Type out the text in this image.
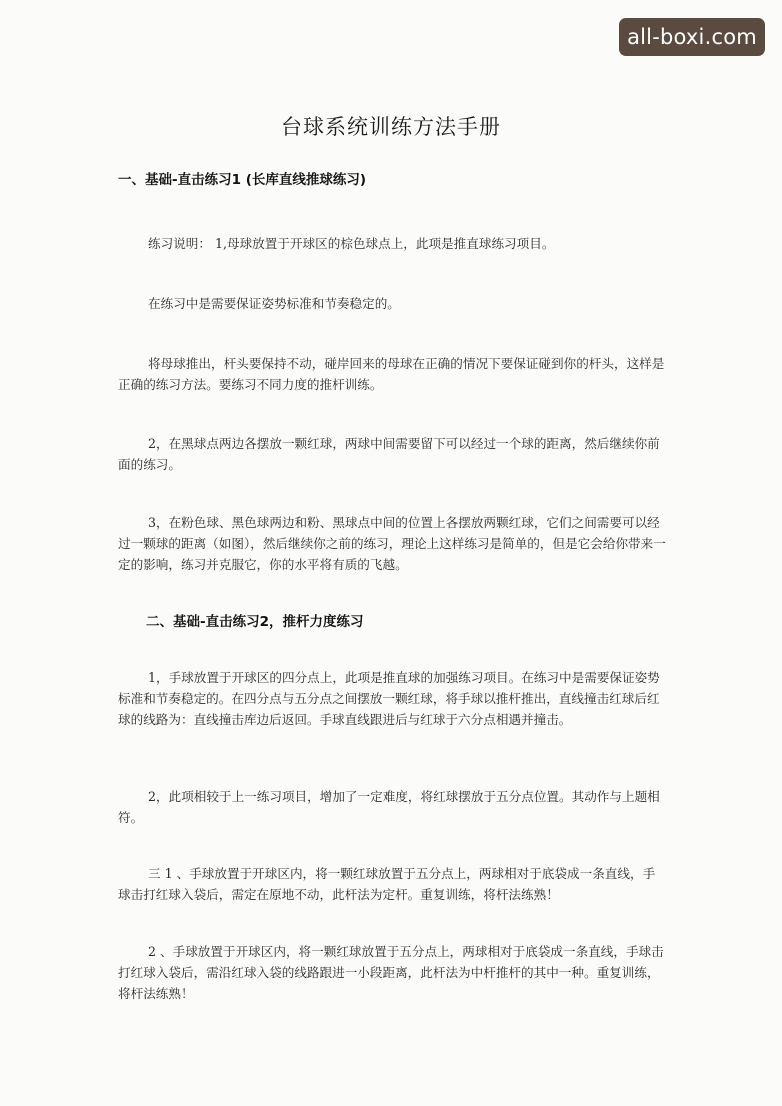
all-boxi.com
台球系统训练方法手册
一、基础-直击练习1 (长库直线推球练习)

练习说明： 1,母球放置于开球区的棕色球点上，此项是推直球练习项目。

在练习中是需要保证姿势标准和节奏稳定的。

将母球推出，杆头要保持不动，碰岸回来的母球在正确的情况下要保证碰到你的杆头，这样是正确的练习方法。要练习不同力度的推杆训练。

2，在黑球点两边各摆放一颗红球，两球中间需要留下可以经过一个球的距离，然后继续你前面的练习。

3，在粉色球、黑色球两边和粉、黑球点中间的位置上各摆放两颗红球，它们之间需要可以经过一颗球的距离（如图），然后继续你之前的练习，理论上这样练习是简单的，但是它会给你带来一定的影响，练习并克服它，你的水平将有质的飞越。

二、基础-直击练习2，推杆力度练习

1，手球放置于开球区的四分点上，此项是推直球的加强练习项目。在练习中是需要保证姿势标准和节奏稳定的。在四分点与五分点之间摆放一颗红球，将手球以推杆推出，直线撞击红球后红球的线路为：直线撞击库边后返回。手球直线跟进后与红球于六分点相遇并撞击。

2，此项相较于上一练习项目，增加了一定难度，将红球摆放于五分点位置。其动作与上题相符。

三 1 、手球放置于开球区内，将一颗红球放置于五分点上，两球相对于底袋成一条直线，手球击打红球入袋后，需定在原地不动，此杆法为定杆。重复训练，将杆法练熟！

2 、手球放置于开球区内，将一颗红球放置于五分点上，两球相对于底袋成一条直线，手球击打红球入袋后，需沿红球入袋的线路跟进一小段距离，此杆法为中杆推杆的其中一种。重复训练，将杆法练熟！
